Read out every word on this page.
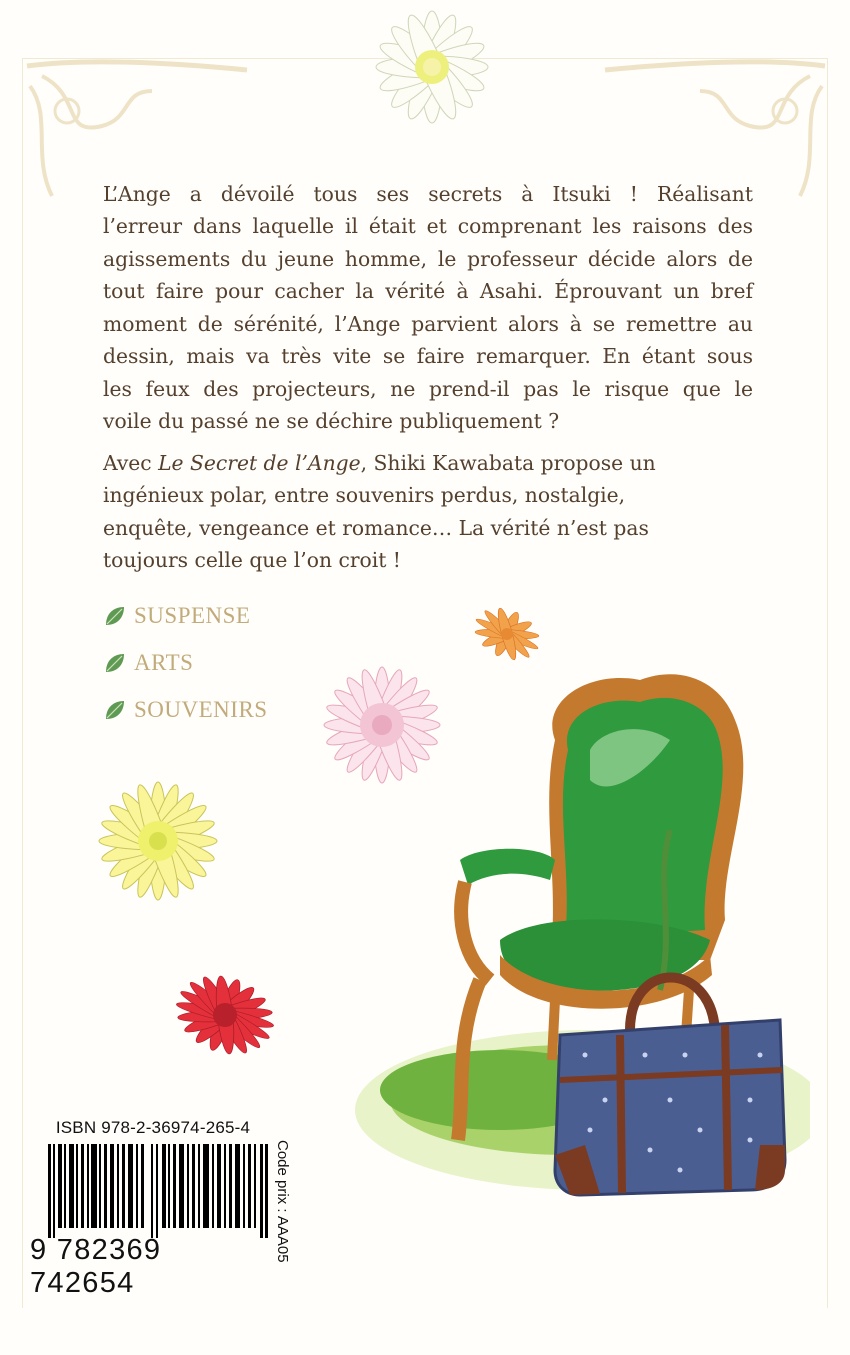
L’Ange a dévoilé tous ses secrets à Itsuki ! Réalisant

l’erreur dans laquelle il était et comprenant les raisons des

agissements du jeune homme, le professeur décide alors de

tout faire pour cacher la vérité à Asahi. Éprouvant un bref

moment de sérénité, l’Ange parvient alors à se remettre au

dessin, mais va très vite se faire remarquer. En étant sous

les feux des projecteurs, ne prend-il pas le risque que le

voile du passé ne se déchire publiquement ?

Avec Le Secret de l’Ange, Shiki Kawabata propose un
ingénieux polar, entre souvenirs perdus, nostalgie,
enquête, vengeance et romance… La vérité n’est pas
toujours celle que l’on croit !

SUSPENSE
ARTS
SOUVENIRS
ISBN 978-2-36974-265-4
9 782369 742654
Code prix : AAA05
